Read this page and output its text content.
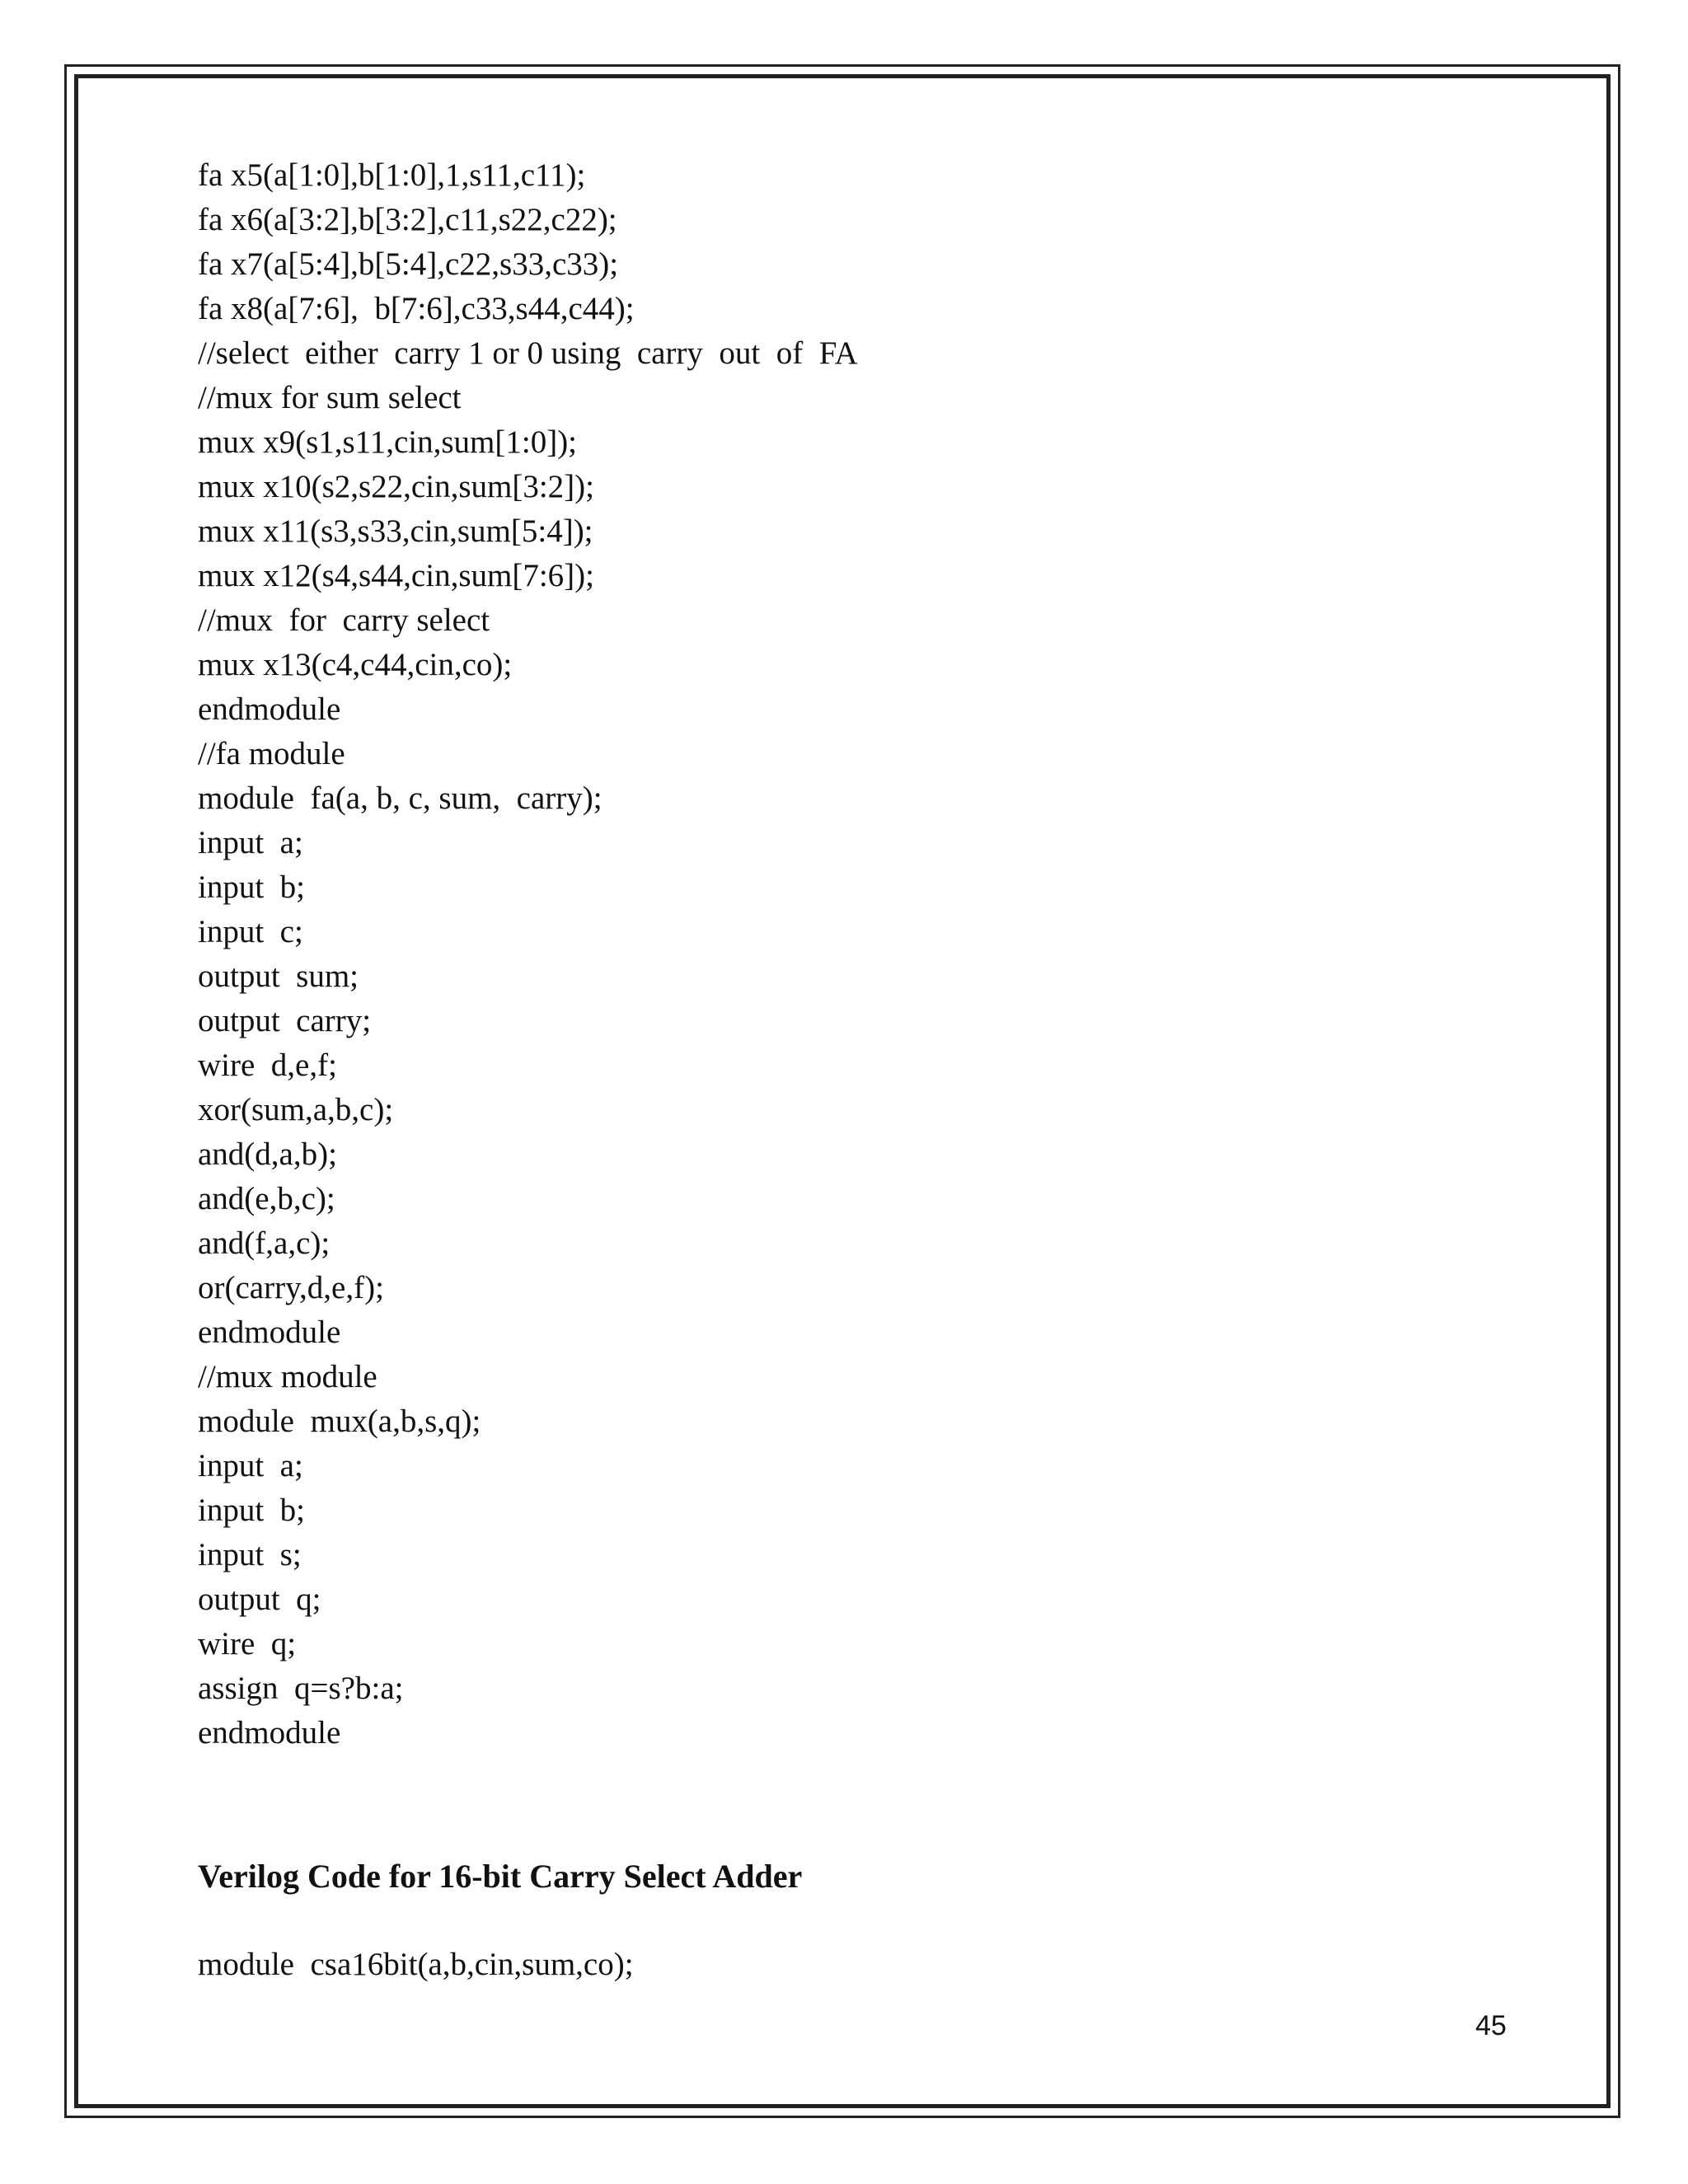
fa x5(a[1:0],b[1:0],1,s11,c11);
fa x6(a[3:2],b[3:2],c11,s22,c22);
fa x7(a[5:4],b[5:4],c22,s33,c33);
fa x8(a[7:6],  b[7:6],c33,s44,c44);
//select  either  carry 1 or 0 using  carry  out  of  FA
//mux for sum select
mux x9(s1,s11,cin,sum[1:0]);
mux x10(s2,s22,cin,sum[3:2]);
mux x11(s3,s33,cin,sum[5:4]);
mux x12(s4,s44,cin,sum[7:6]);
//mux  for  carry select
mux x13(c4,c44,cin,co);
endmodule
//fa module
module  fa(a, b, c, sum,  carry);
input  a;
input  b;
input  c;
output  sum;
output  carry;
wire  d,e,f;
xor(sum,a,b,c);
and(d,a,b);
and(e,b,c);
and(f,a,c);
or(carry,d,e,f);
endmodule
//mux module
module  mux(a,b,s,q);
input  a;
input  b;
input  s;
output  q;
wire  q;
assign  q=s?b:a;
endmodule
Verilog Code for 16-bit Carry Select Adder
module  csa16bit(a,b,cin,sum,co);
45
